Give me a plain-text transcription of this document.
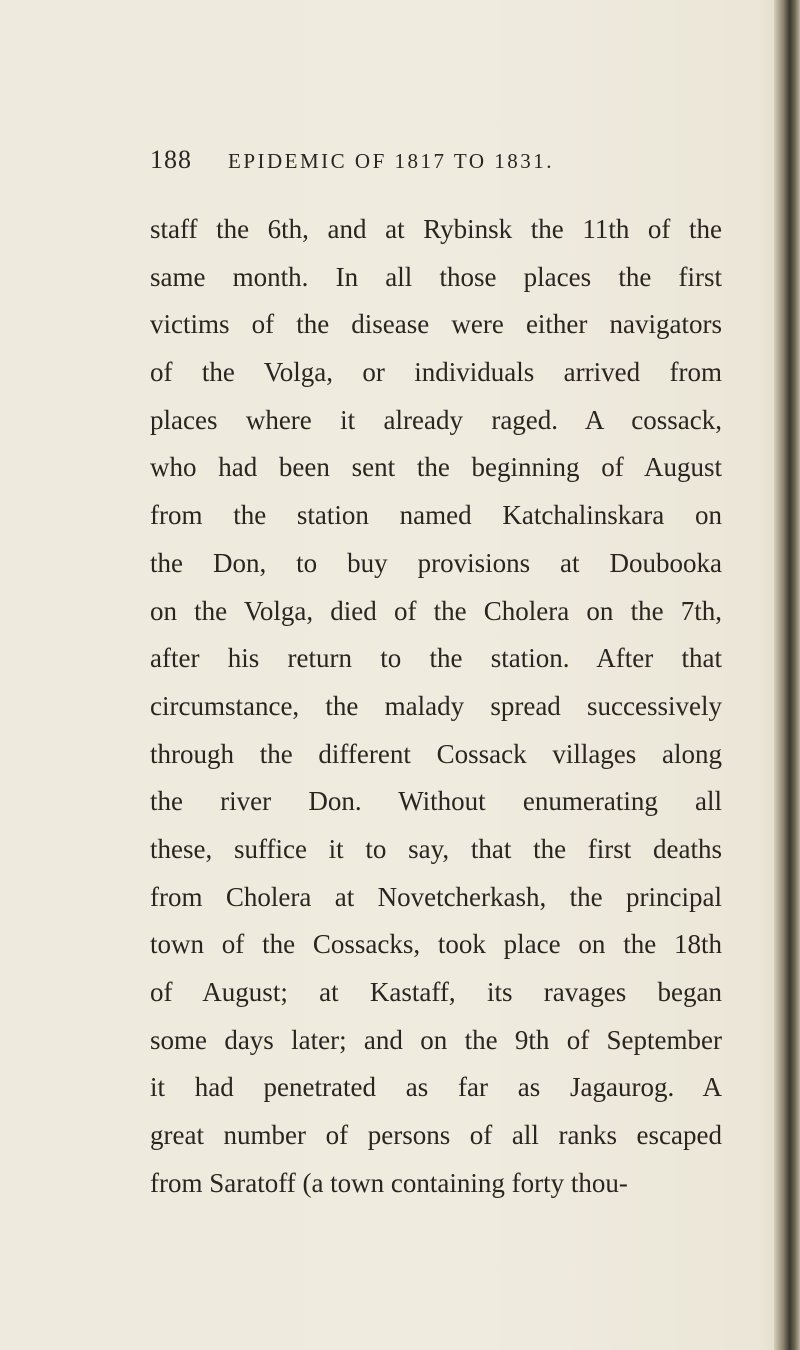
188 EPIDEMIC OF 1817 TO 1831.
staff the 6th, and at Rybinsk the 11th of the
same month. In all those places the first
victims of the disease were either navigators
of the Volga, or individuals arrived from
places where it already raged. A cossack,
who had been sent the beginning of August
from the station named Katchalinskara on
the Don, to buy provisions at Doubooka
on the Volga, died of the Cholera on the 7th,
after his return to the station. After that
circumstance, the malady spread successively
through the different Cossack villages along
the river Don. Without enumerating all
these, suffice it to say, that the first deaths
from Cholera at Novetcherkash, the principal
town of the Cossacks, took place on the 18th
of August; at Kastaff, its ravages began
some days later; and on the 9th of September
it had penetrated as far as Jagaurog. A
great number of persons of all ranks escaped
from Saratoff (a town containing forty thou-
